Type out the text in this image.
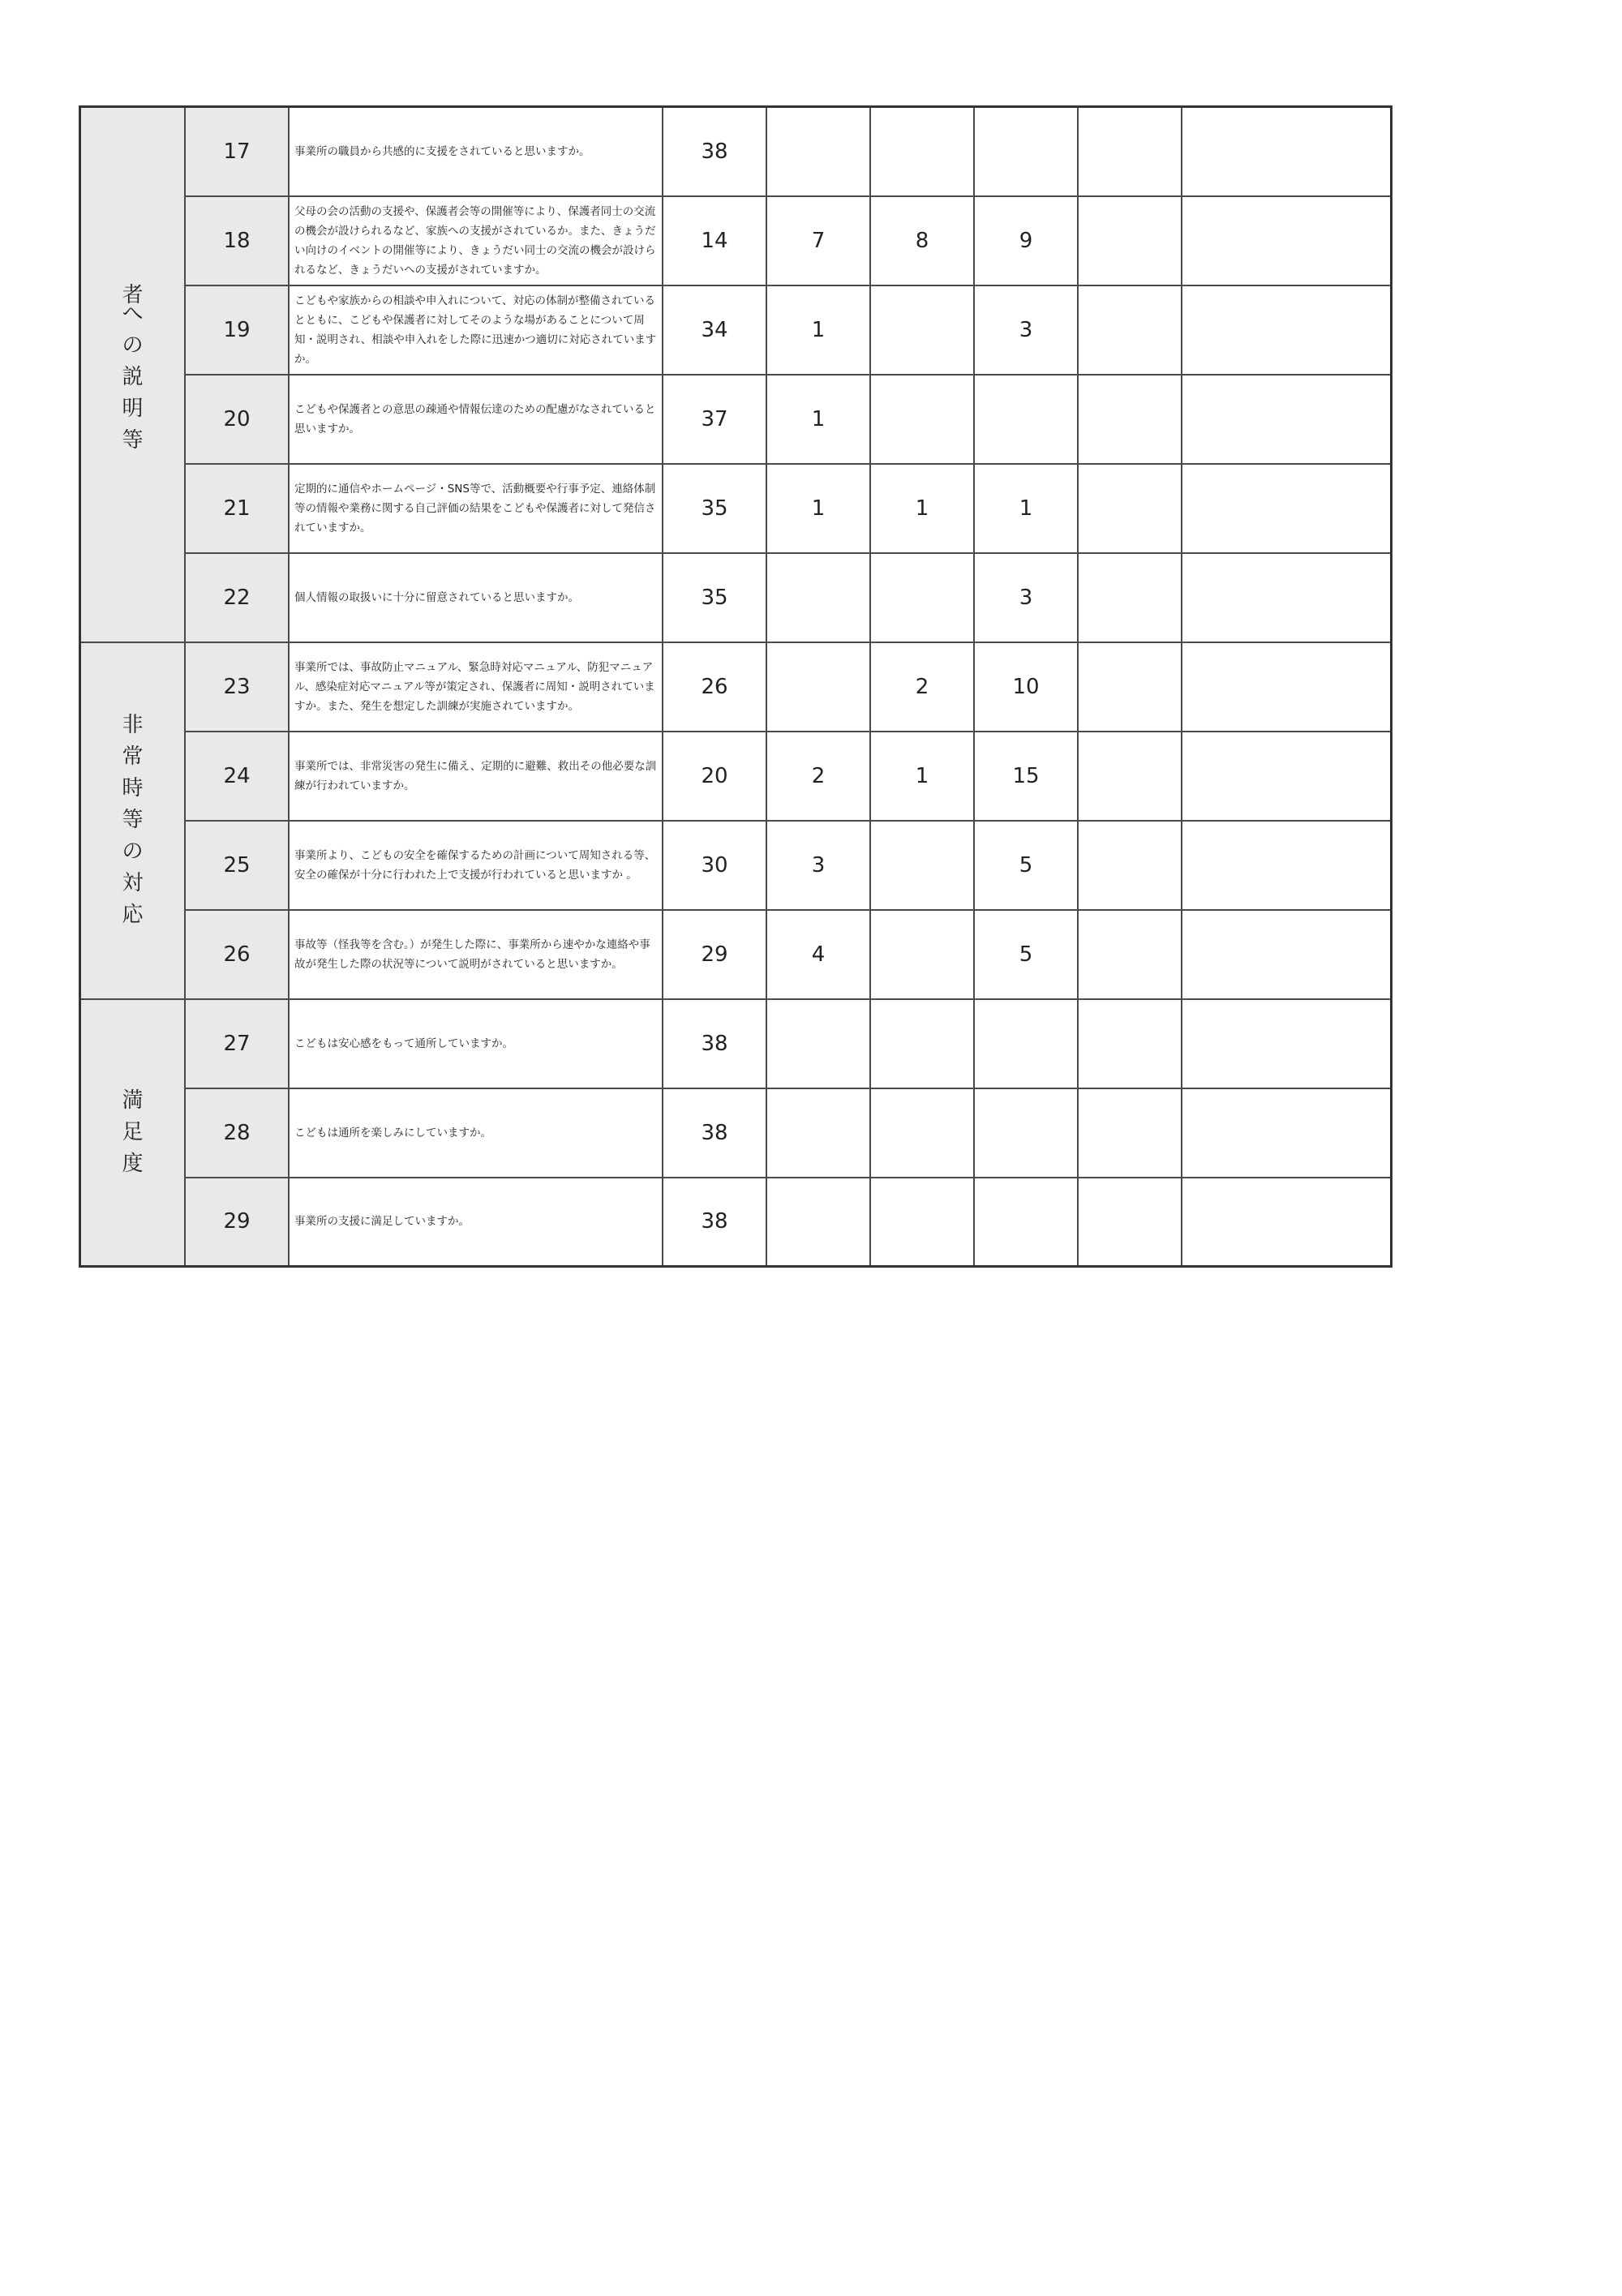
者
への説明等	17	事業所の職員から共感的に支援をされていると思いますか。	38					
	18	父母の会の活動の支援や、保護者会等の開催等により、保護者同士の交流の機会が設けられるなど、家族への支援がされているか。また、きょうだい向けのイベントの開催等により、きょうだい同士の交流の機会が設けられるなど、きょうだいへの支援がされていますか。	14	7	8	9		
	19	こどもや家族からの相談や申入れについて、対応の体制が整備されているとともに、こどもや保護者に対してそのような場があることについて周知・説明され、相談や申入れをした際に迅速かつ適切に対応されていますか。	34	1		3		
	20	こどもや保護者との意思の疎通や情報伝達のための配慮がなされていると思いますか。	37	1				
	21	定期的に通信やホームページ・SNS等で、活動概要や行事予定、連絡体制等の情報や業務に関する自己評価の結果をこどもや保護者に対して発信されていますか。	35	1	1	1		
	22	個人情報の取扱いに十分に留意されていると思いますか。	35			3		
非常時等の対応	23	事業所では、事故防止マニュアル、緊急時対応マニュアル、防犯マニュアル、感染症対応マニュアル等が策定され、保護者に周知・説明されていますか。また、発生を想定した訓練が実施されていますか。	26		2	10		
	24	事業所では、非常災害の発生に備え、定期的に避難、救出その他必要な訓練が行われていますか。	20	2	1	15		
	25	事業所より、こどもの安全を確保するための計画について周知される等、安全の確保が十分に行われた上で支援が行われていると思いますか 。	30	3		5		
	26	事故等（怪我等を含む。）が発生した際に、事業所から速やかな連絡や事故が発生した際の状況等について説明がされていると思いますか。	29	4		5		
満足度	27	こどもは安心感をもって通所していますか。	38					
	28	こどもは通所を楽しみにしていますか。	38					
	29	事業所の支援に満足していますか。	38					
